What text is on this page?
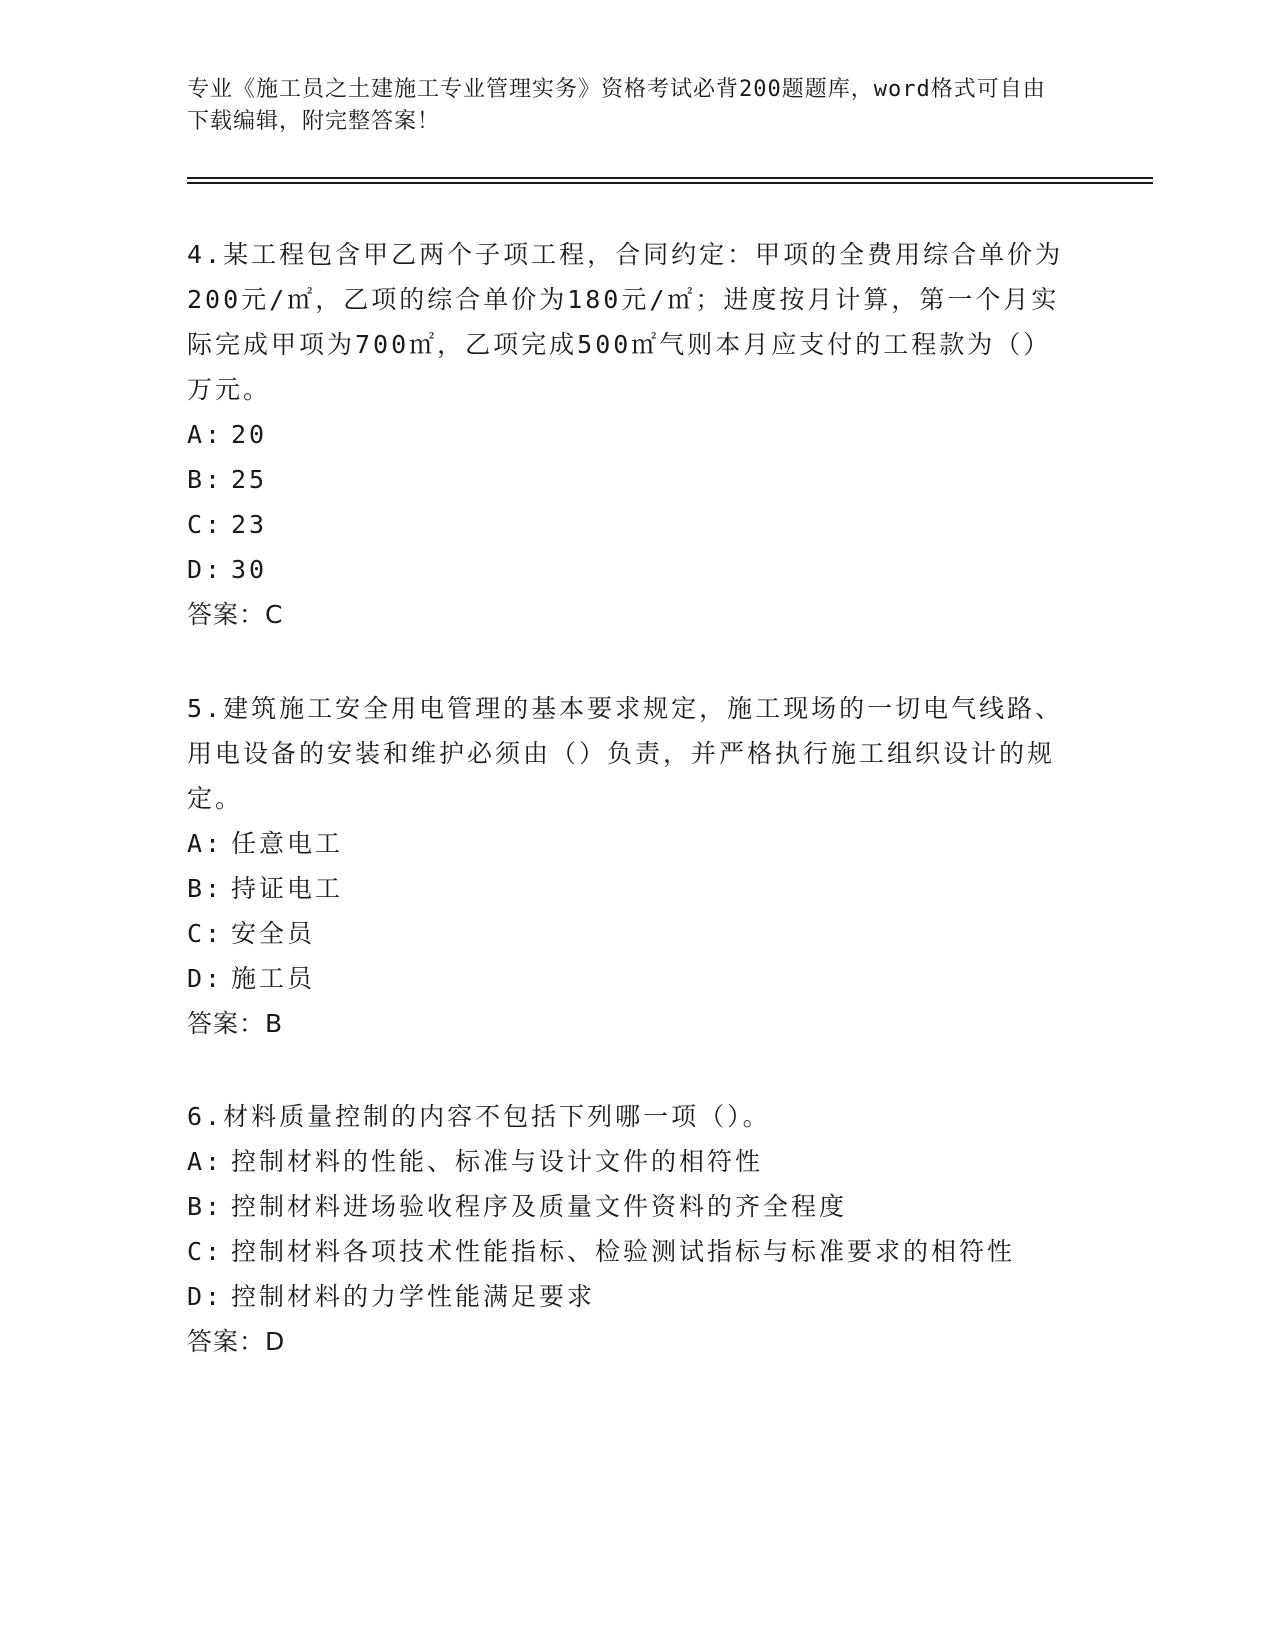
专业《施工员之土建施工专业管理实务》资格考试必背200题题库，word格式可自由下载编辑，附完整答案！

4.某工程包含甲乙两个子项工程，合同约定：甲项的全费用综合单价为200元/㎡，乙项的综合单价为180元/㎡；进度按月计算，第一个月实际完成甲项为700㎡，乙项完成500㎡气则本月应支付的工程款为（）万元。

A: 20

B: 25

C: 23

D: 30

答案：C

5.建筑施工安全用电管理的基本要求规定，施工现场的一切电气线路、用电设备的安装和维护必须由（）负责，并严格执行施工组织设计的规定。

A: 任意电工

B: 持证电工

C: 安全员

D: 施工员

答案：B

6.材料质量控制的内容不包括下列哪一项（）。

A: 控制材料的性能、标准与设计文件的相符性

B: 控制材料进场验收程序及质量文件资料的齐全程度

C: 控制材料各项技术性能指标、检验测试指标与标准要求的相符性

D: 控制材料的力学性能满足要求

答案：D
